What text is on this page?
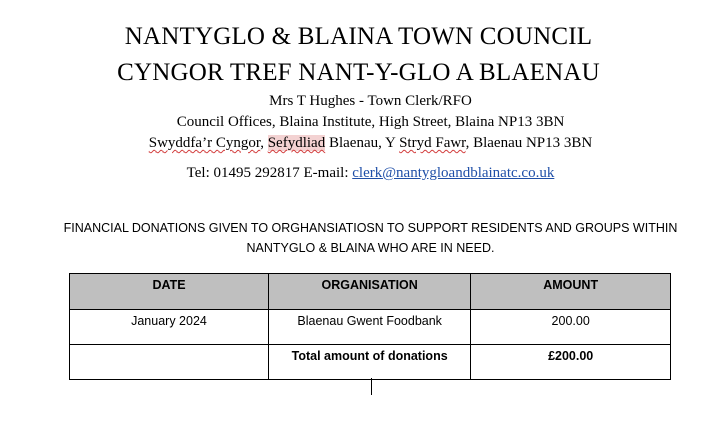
NANTYGLO & BLAINA TOWN COUNCIL
CYNGOR TREF NANT-Y-GLO A BLAENAU
Mrs T Hughes - Town Clerk/RFO
Council Offices, Blaina Institute, High Street, Blaina NP13 3BN
Swyddfa’r Cyngor, Sefydliad Blaenau, Y Stryd Fawr, Blaenau NP13 3BN
Tel: 01495 292817 E-mail: clerk@nantygloandblainatc.co.uk
FINANCIAL DONATIONS GIVEN TO ORGHANSIATIOSN TO SUPPORT RESIDENTS AND GROUPS WITHIN
NANTYGLO & BLAINA WHO ARE IN NEED.
DATE	ORGANISATION	AMOUNT
January 2024	Blaenau Gwent Foodbank	200.00
	Total amount of donations	£200.00
